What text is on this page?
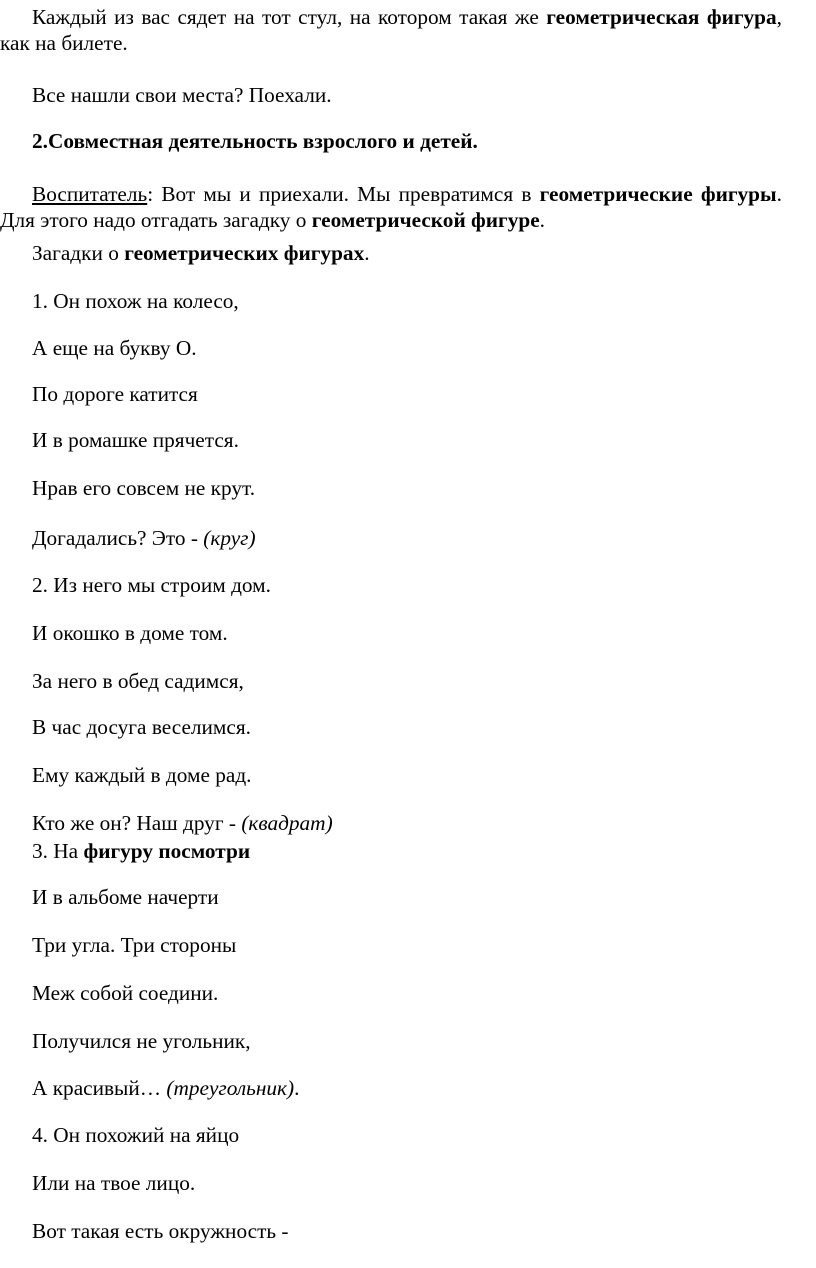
Каждый из вас сядет на тот стул, на котором такая же геометрическая фигура, как на билете.
Все нашли свои места? Поехали.
2.Совместная деятельность взрослого и детей.
Воспитатель: Вот мы и приехали. Мы превратимся в геометрические фигуры. Для этого надо отгадать загадку о геометрической фигуре.
Загадки о геометрических фигурах.
1. Он похож на колесо,
А еще на букву О.
По дороге катится
И в ромашке прячется.
Нрав его совсем не крут.
Догадались? Это - (круг)
2. Из него мы строим дом.
И окошко в доме том.
За него в обед садимся,
В час досуга веселимся.
Ему каждый в доме рад.
Кто же он? Наш друг - (квадрат)
3. На фигуру посмотри
И в альбоме начерти
Три угла. Три стороны
Меж собой соедини.
Получился не угольник,
А красивый… (треугольник).
4. Он похожий на яйцо
Или на твое лицо.
Вот такая есть окружность -
